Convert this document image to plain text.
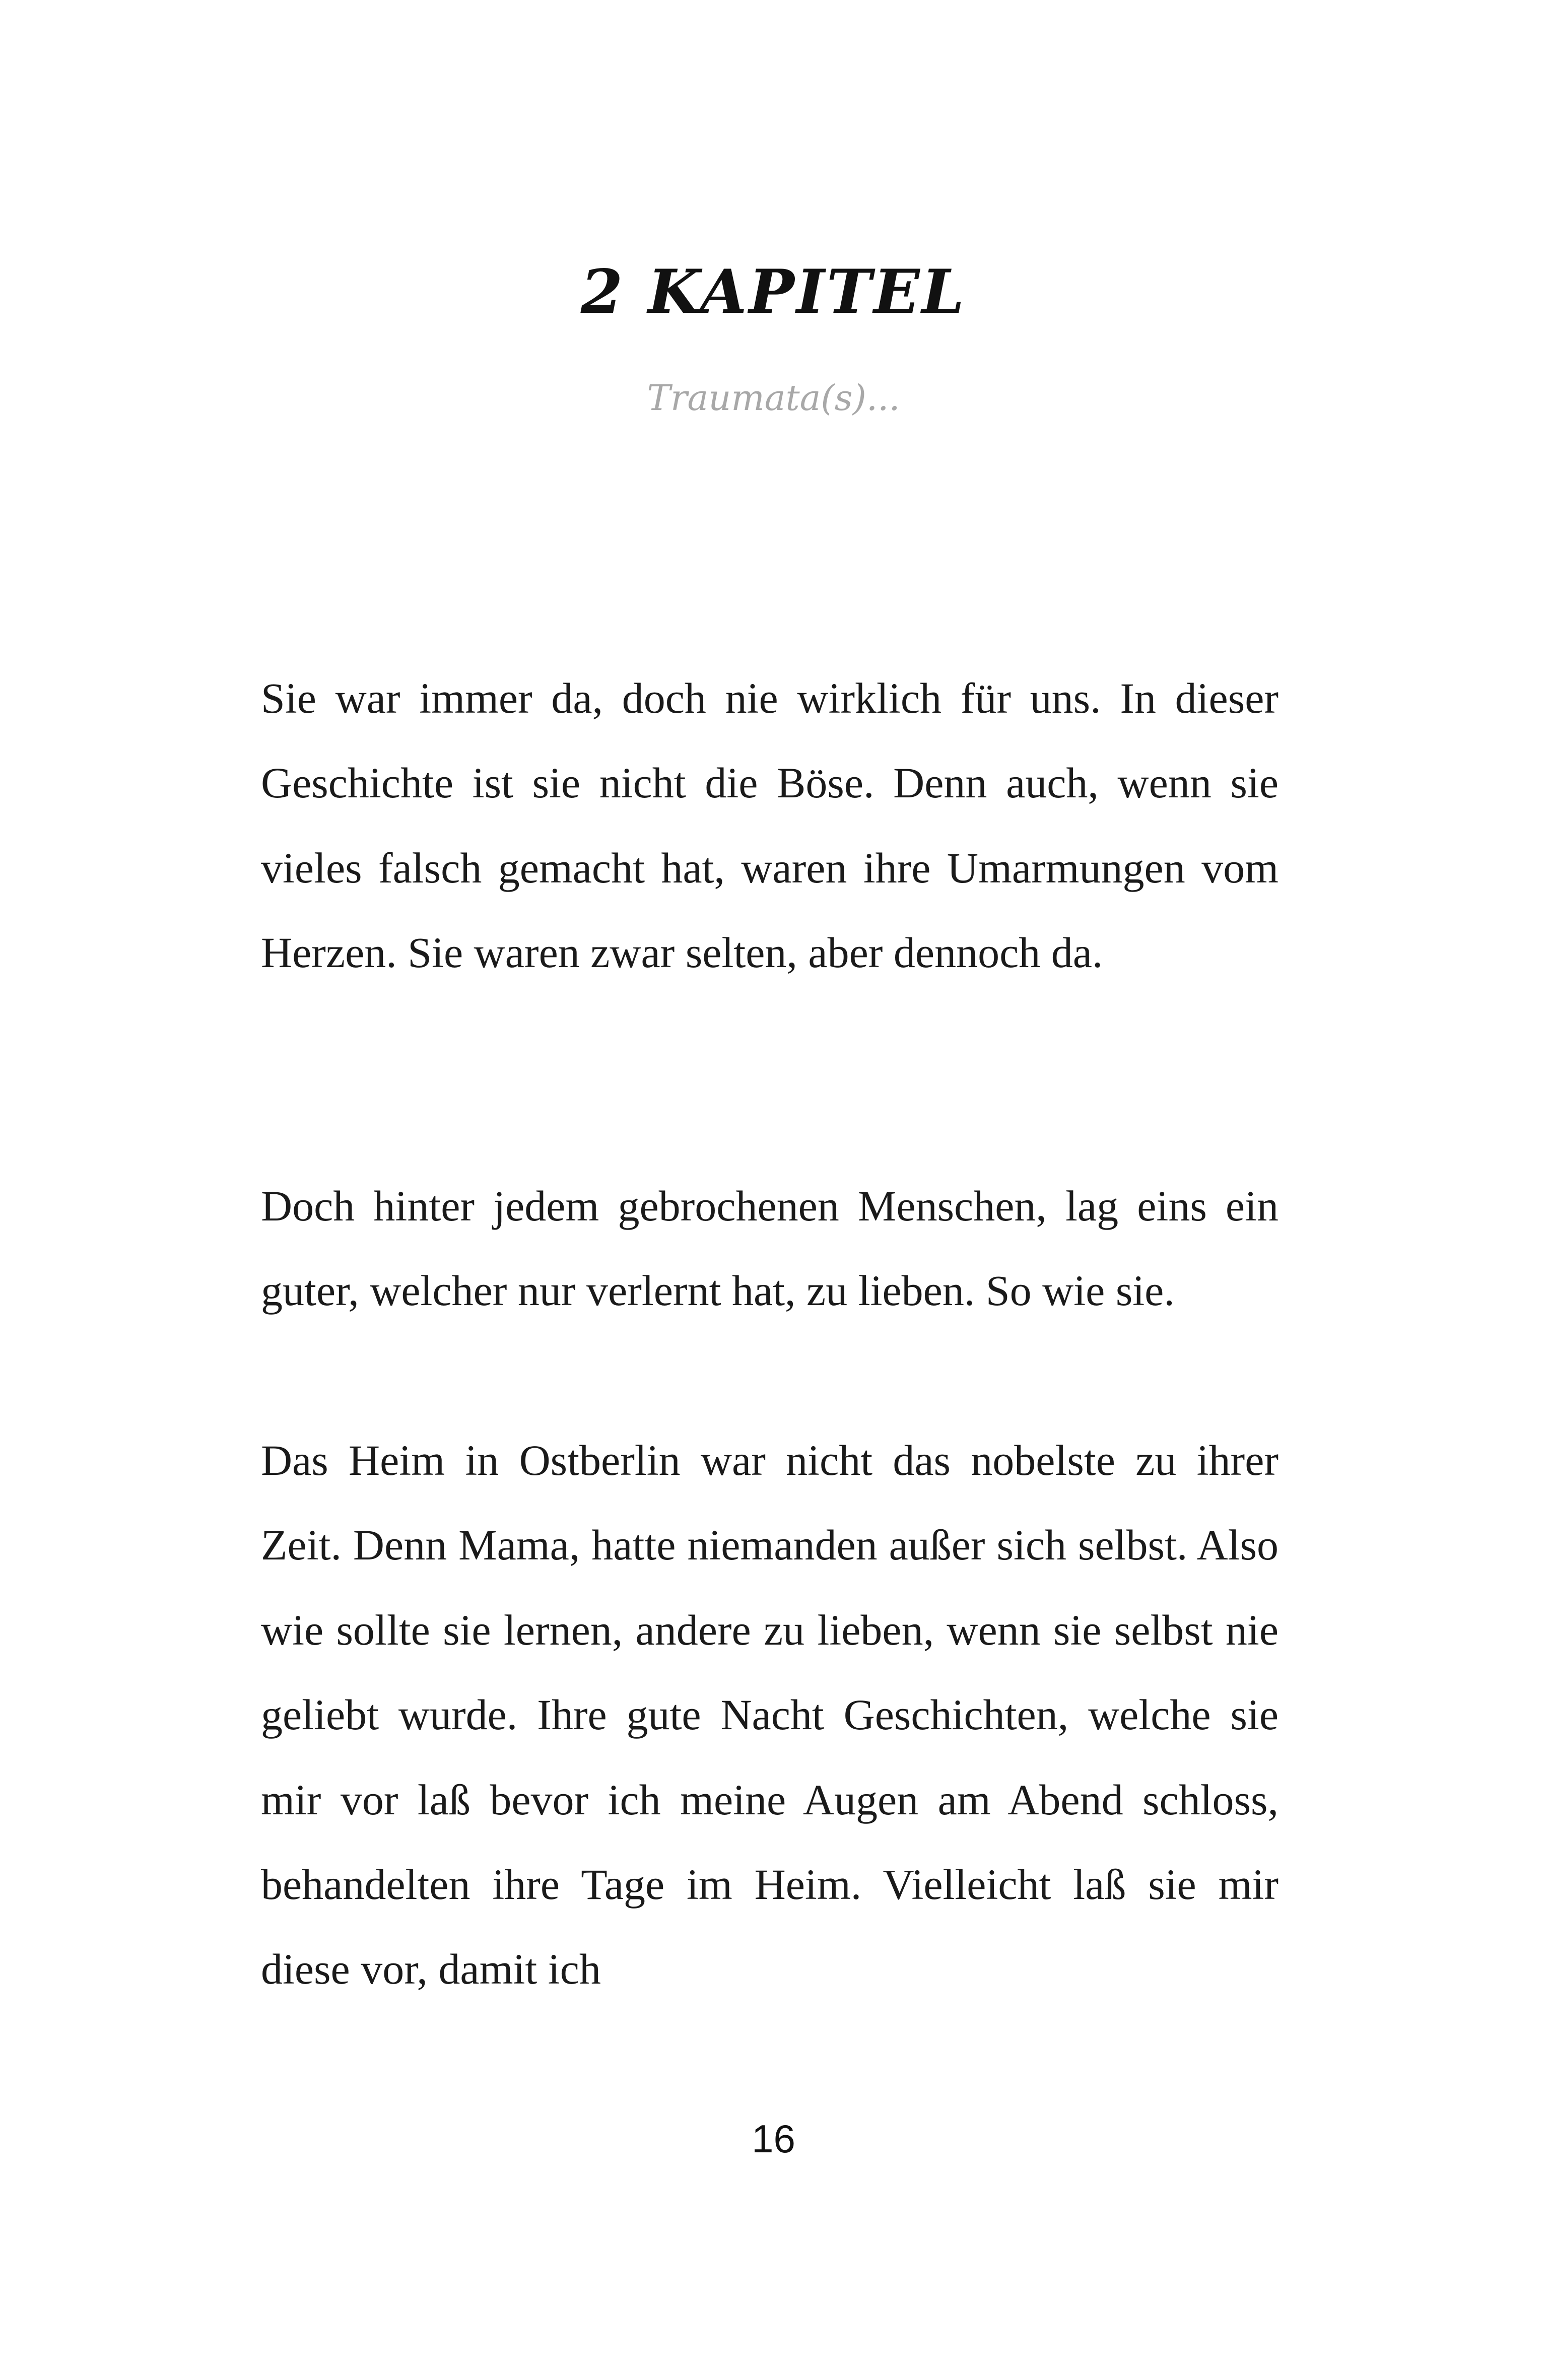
2 KAPITEL
Traumata(s)...

Sie war immer da, doch nie wirklich für uns. In dieser Geschichte ist sie nicht die Böse. Denn auch, wenn sie vieles falsch gemacht hat, waren ihre Umarmungen vom Herzen. Sie waren zwar selten, aber dennoch da.

Doch hinter jedem gebrochenen Menschen, lag eins ein guter, welcher nur verlernt hat, zu lieben. So wie sie.

Das Heim in Ostberlin war nicht das nobelste zu ihrer Zeit. Denn Mama, hatte niemanden außer sich selbst. Also wie sollte sie lernen, andere zu lieben, wenn sie selbst nie geliebt wurde. Ihre gute Nacht Geschichten, welche sie mir vor laß bevor ich meine Augen am Abend schloss, behandelten ihre Tage im Heim. Vielleicht laß sie mir diese vor, damit ich

16
